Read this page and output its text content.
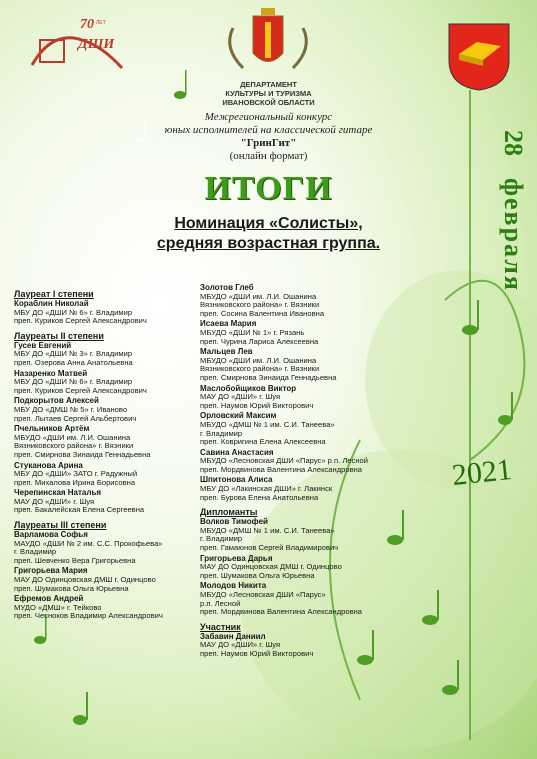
70 ЛЕТ
ДШИ
ДЕПАРТАМЕНТ
КУЛЬТУРЫ И ТУРИЗМА
ИВАНОВСКОЙ ОБЛАСТИ
Межрегиональный конкурс
юных исполнителей на классической гитаре
"ГринГит"
(онлайн формат)
ИТОГИ
Номинация «Солисты»,
средняя возрастная группа.
28
февраля
2021
Лауреат I степени
Кораблин Николай
МБУ ДО «ДШИ № 6» г. Владимир
преп. Куриков Сергей Александрович
Лауреаты II степени
Гусев Евгений
МБУ ДО «ДШИ № 3» г. Владимир
преп. Озерова Анна Анатольевна
Назаренко Матвей
МБУ ДО «ДШИ № 6» г. Владимир
преп. Куриков Сергей Александрович
Подкорытов Алексей
МБУ ДО «ДМШ № 5» г. Иваново
преп. Лытаев Сергей Альбертович
Пчельников Артём
МБУДО «ДШИ им. Л.И. Ошанина
Вязниковского района» г. Вязники
преп. Смирнова Зинаида Геннадьевна
Стуканова Арина
МБУ ДО «ДШИ» ЗАТО г. Радужный
преп. Михалова Ирина Борисовна
Черепинская Наталья
МАУ ДО «ДШИ» г. Шуя
преп. Бакалейская Елена Сергеевна
Лауреаты III степени
Варламова Софья
МАУДО «ДШИ № 2 им. С.С. Прокофьева»
г. Владимир
преп. Шевченко Вера Григорьевна
Григорьева Мария
МАУ ДО Одинцовская ДМШ г. Одинцово
преп. Шумакова Ольга Юрьевна
Ефремов Андрей
МУДО «ДМШ» г. Тейково
преп. Чесноков Владимир Александрович
Золотов Глеб
МБУДО «ДШИ им. Л.И. Ошанина
Вязниковского района» г. Вязники
преп. Сосина Валентина Ивановна
Исаева Мария
МБУДО «ДШИ № 1» г. Рязань
преп. Чурина Лариса Алексеевна
Мальцев Лев
МБУДО «ДШИ им. Л.И. Ошанина
Вязниковского района» г. Вязники
преп. Смирнова Зинаида Геннадьевна
Маслобойщиков Виктор
МАУ ДО «ДШИ» г. Шуя
преп. Наумов Юрий Викторович
Орловский Максим
МБУДО «ДМШ № 1 им. С.И. Танеева»
г. Владимир
преп. Ковригина Елена Алексеевна
Савина Анастасия
МБУДО «Лесновская ДШИ «Парус» р.п. Лесной
преп. Мордвинова Валентина Александровна
Шпитонова Алиса
МБУ ДО «Лакинская ДШИ» г. Лакинск
преп. Бурова Елена Анатольевна
Дипломанты
Волков Тимофей
МБУДО «ДМШ № 1 им. С.И. Танеева»
г. Владимир
преп. Гамаюнов Сергей Владимирович
Григорьева Дарья
МАУ ДО Одинцовская ДМШ г. Одинцово
преп. Шумакова Ольга Юрьевна
Молодов Никита
МБУДО «Лесновская ДШИ «Парус»
р.п. Лесной
преп. Мордвинова Валентина Александровна
Участник
Забавин Даниил
МАУ ДО «ДШИ» г. Шуя
преп. Наумов Юрий Викторович
